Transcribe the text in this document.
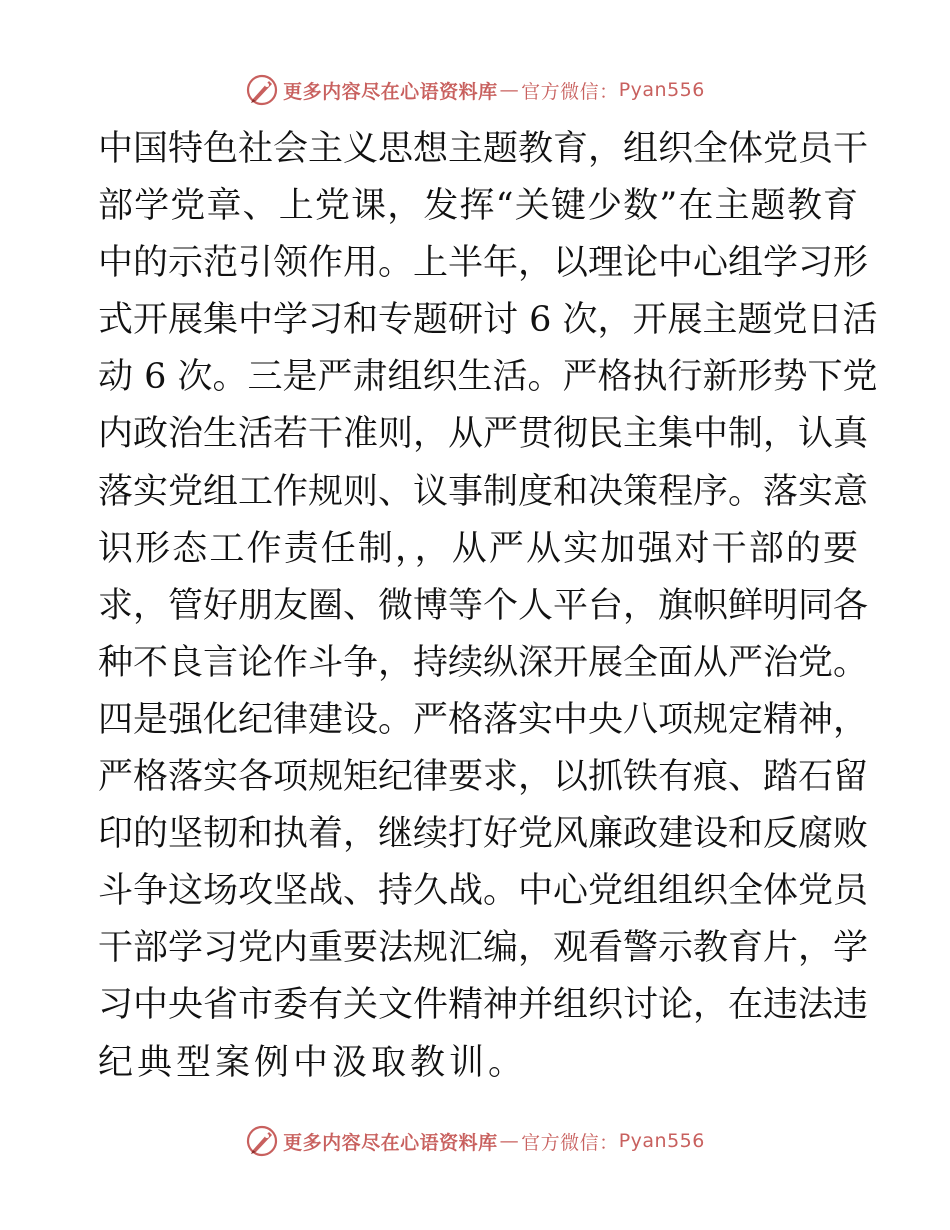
更多内容尽在心语资料库 — 官方微信： Pyan556
中国特色社会主义思想主题教育，组织全体党员干
部学党章、上党课，发挥“关键少数”在主题教育
中的示范引领作用。上半年，以理论中心组学习形
式开展集中学习和专题研讨 6 次，开展主题党日活
动 6 次。三是严肃组织生活。严格执行新形势下党
内政治生活若干准则，从严贯彻民主集中制，认真
落实党组工作规则、议事制度和决策程序。落实意
识形态工作责任制，，从严从实加强对干部的要
求，管好朋友圈、微博等个人平台，旗帜鲜明同各
种不良言论作斗争，持续纵深开展全面从严治党。
四是强化纪律建设。严格落实中央八项规定精神，
严格落实各项规矩纪律要求，以抓铁有痕、踏石留
印的坚韧和执着，继续打好党风廉政建设和反腐败
斗争这场攻坚战、持久战。中心党组组织全体党员
干部学习党内重要法规汇编，观看警示教育片，学
习中央省市委有关文件精神并组织讨论，在违法违
纪典型案例中汲取教训。
更多内容尽在心语资料库 — 官方微信： Pyan556
